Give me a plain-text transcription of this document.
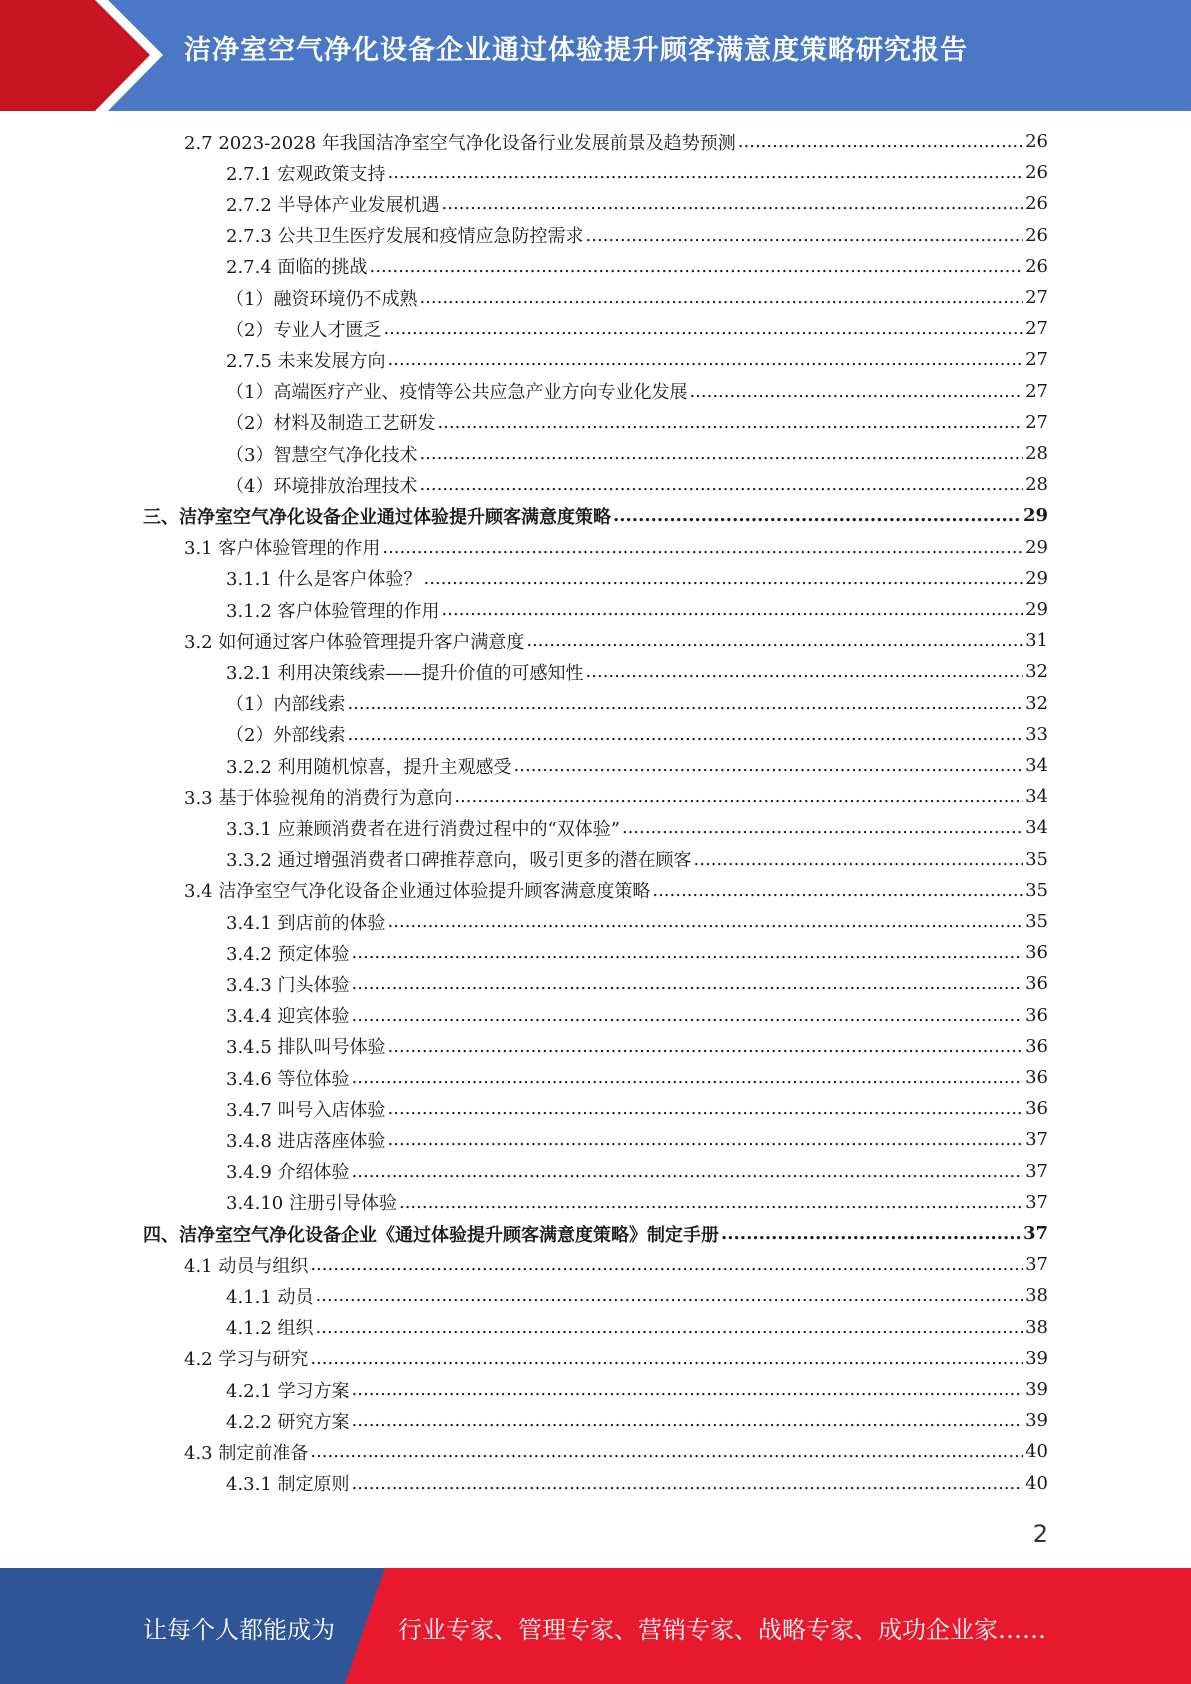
洁净室空气净化设备企业通过体验提升顾客满意度策略研究报告
2.7 2023-2028 年我国洁净室空气净化设备行业发展前景及趋势预测 .....	26
2.7.1 宏观政策支持 .....	26
2.7.2 半导体产业发展机遇 .....	26
2.7.3 公共卫生医疗发展和疫情应急防控需求 .....	26
2.7.4 面临的挑战 .....	26
（1）融资环境仍不成熟 .....	27
（2）专业人才匮乏 .....	27
2.7.5 未来发展方向 .....	27
（1）高端医疗产业、疫情等公共应急产业方向专业化发展 .....	27
（2）材料及制造工艺研发 .....	27
（3）智慧空气净化技术 .....	28
（4）环境排放治理技术 .....	28
三、洁净室空气净化设备企业通过体验提升顾客满意度策略 .....	29
3.1 客户体验管理的作用 .....	29
3.1.1 什么是客户体验？ .....	29
3.1.2 客户体验管理的作用 .....	29
3.2 如何通过客户体验管理提升客户满意度 .....	31
3.2.1 利用决策线索——提升价值的可感知性 .....	32
（1）内部线索 .....	32
（2）外部线索 .....	33
3.2.2 利用随机惊喜，提升主观感受 .....	34
3.3 基于体验视角的消费行为意向 .....	34
3.3.1 应兼顾消费者在进行消费过程中的“双体验” .....	34
3.3.2 通过增强消费者口碑推荐意向，吸引更多的潜在顾客 .....	35
3.4 洁净室空气净化设备企业通过体验提升顾客满意度策略 .....	35
3.4.1 到店前的体验 .....	35
3.4.2 预定体验 .....	36
3.4.3 门头体验 .....	36
3.4.4 迎宾体验 .....	36
3.4.5 排队叫号体验 .....	36
3.4.6 等位体验 .....	36
3.4.7 叫号入店体验 .....	36
3.4.8 进店落座体验 .....	37
3.4.9 介绍体验 .....	37
3.4.10 注册引导体验 .....	37
四、洁净室空气净化设备企业《通过体验提升顾客满意度策略》制定手册 .....	37
4.1 动员与组织 .....	37
4.1.1 动员 .....	38
4.1.2 组织 .....	38
4.2 学习与研究 .....	39
4.2.1 学习方案 .....	39
4.2.2 研究方案 .....	39
4.3 制定前准备 .....	40
4.3.1 制定原则 .....	40
2
让每个人都能成为	行业专家、管理专家、营销专家、战略专家、成功企业家……
